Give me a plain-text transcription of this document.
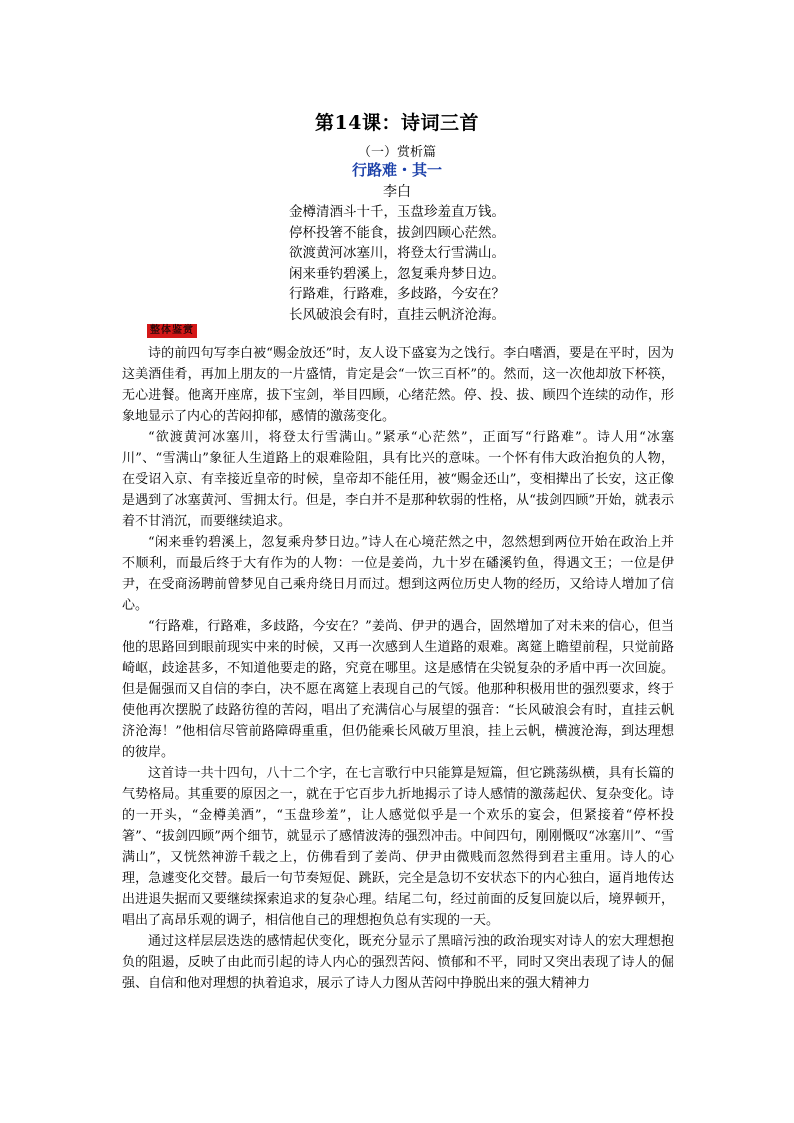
第14课：诗词三首
（一）赏析篇
行路难・其一
李白
金樽清酒斗十千，玉盘珍羞直万钱。
停杯投箸不能食，拔剑四顾心茫然。
欲渡黄河冰塞川，将登太行雪满山。
闲来垂钓碧溪上，忽复乘舟梦日边。
行路难，行路难，多歧路，今安在？
长风破浪会有时，直挂云帆济沧海。
整体鉴赏

诗的前四句写李白被“赐金放还”时，友人设下盛宴为之饯行。李白嗜酒，要是在平时，因为这美酒佳肴，再加上朋友的一片盛情，肯定是会“一饮三百杯”的。然而，这一次他却放下杯筷，无心进餐。他离开座席，拔下宝剑，举目四顾，心绪茫然。停、投、拔、顾四个连续的动作，形象地显示了内心的苦闷抑郁，感情的激荡变化。

“欲渡黄河冰塞川，将登太行雪满山。”紧承“心茫然”，正面写“行路难”。诗人用“冰塞川”、“雪满山”象征人生道路上的艰难险阻，具有比兴的意味。一个怀有伟大政治抱负的人物，在受诏入京、有幸接近皇帝的时候，皇帝却不能任用，被“赐金还山”，变相撵出了长安，这正像是遇到了冰塞黄河、雪拥太行。但是，李白并不是那种软弱的性格，从“拔剑四顾”开始，就表示着不甘消沉，而要继续追求。

“闲来垂钓碧溪上，忽复乘舟梦日边。”诗人在心境茫然之中，忽然想到两位开始在政治上并不顺利，而最后终于大有作为的人物：一位是姜尚，九十岁在磻溪钓鱼，得遇文王；一位是伊尹，在受商汤聘前曾梦见自己乘舟绕日月而过。想到这两位历史人物的经历，又给诗人增加了信心。

“行路难，行路难，多歧路，今安在？”姜尚、伊尹的遇合，固然增加了对未来的信心，但当他的思路回到眼前现实中来的时候，又再一次感到人生道路的艰难。离筵上瞻望前程，只觉前路崎岖，歧途甚多，不知道他要走的路，究竟在哪里。这是感情在尖锐复杂的矛盾中再一次回旋。但是倔强而又自信的李白，决不愿在离筵上表现自己的气馁。他那种积极用世的强烈要求，终于使他再次摆脱了歧路彷徨的苦闷，唱出了充满信心与展望的强音：“长风破浪会有时，直挂云帆济沧海！”他相信尽管前路障碍重重，但仍能乘长风破万里浪，挂上云帆，横渡沧海，到达理想的彼岸。

这首诗一共十四句，八十二个字，在七言歌行中只能算是短篇，但它跳荡纵横，具有长篇的气势格局。其重要的原因之一，就在于它百步九折地揭示了诗人感情的激荡起伏、复杂变化。诗的一开头，“金樽美酒”，“玉盘珍羞”，让人感觉似乎是一个欢乐的宴会，但紧接着“停杯投箸”、“拔剑四顾”两个细节，就显示了感情波涛的强烈冲击。中间四句，刚刚慨叹“冰塞川”、“雪满山”，又恍然神游千载之上，仿佛看到了姜尚、伊尹由微贱而忽然得到君主重用。诗人的心理，急遽变化交替。最后一句节奏短促、跳跃，完全是急切不安状态下的内心独白，逼肖地传达出进退失据而又要继续探索追求的复杂心理。结尾二句，经过前面的反复回旋以后，境界顿开，唱出了高昂乐观的调子，相信他自己的理想抱负总有实现的一天。

通过这样层层迭迭的感情起伏变化，既充分显示了黑暗污浊的政治现实对诗人的宏大理想抱负的阻遏，反映了由此而引起的诗人内心的强烈苦闷、愤郁和不平，同时又突出表现了诗人的倔强、自信和他对理想的执着追求，展示了诗人力图从苦闷中挣脱出来的强大精神力
